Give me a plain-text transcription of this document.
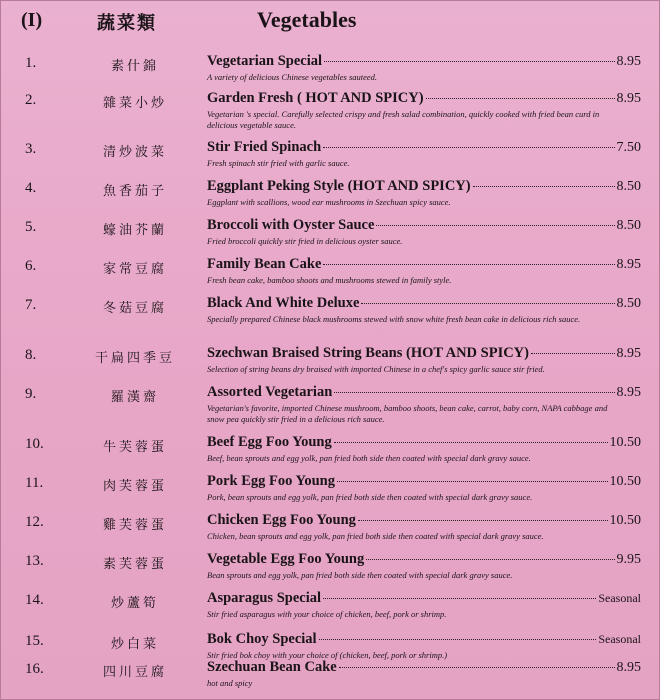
(I)	蔬菜類	Vegetables
1.	素什錦	Vegetarian Special	8.95
A variety of delicious Chinese vegetables sauteed.
2.	雜菜小炒	Garden Fresh ( HOT AND SPICY)	8.95
Vegetarian 's special. Carefully selected crispy and fresh salad combination, quickly cooked with fried bean curd in delicious vegetable sauce.
3.	清炒波菜	Stir Fried Spinach	7.50
Fresh spinach stir fried with garlic sauce.
4.	魚香茄子	Eggplant Peking Style (HOT AND SPICY)	8.50
Eggplant with scallions, wood ear mushrooms in Szechuan spicy sauce.
5.	蠔油芥蘭	Broccoli with Oyster Sauce	8.50
Fried broccoli quickly stir fried in delicious oyster sauce.
6.	家常豆腐	Family Bean Cake	8.95
Fresh bean cake, bamboo shoots and mushrooms stewed in family style.
7.	冬菇豆腐	Black And White Deluxe	8.50
Specially prepared Chinese black mushrooms stewed with snow white fresh bean cake in delicious rich sauce.
8.	干扁四季豆	Szechwan Braised String Beans (HOT AND SPICY)	8.95
Selection of string beans dry braised with imported Chinese in a chef's spicy garlic sauce stir fried.
9.	羅漢齋	Assorted Vegetarian	8.95
Vegetarian's favorite, imported Chinese mushroom, bamboo shoots, bean cake, carrot, baby corn, NAPA cabbage and snow pea quickly stir fried in a delicious rich sauce.
10.	牛芙蓉蛋	Beef Egg Foo Young	10.50
Beef, bean sprouts and egg yolk, pan fried both side then coated with special dark gravy sauce.
11.	肉芙蓉蛋	Pork Egg Foo Young	10.50
Pork, bean sprouts and egg yolk, pan fried both side then coated with special dark gravy sauce.
12.	雞芙蓉蛋	Chicken Egg Foo Young	10.50
Chicken, bean sprouts and egg yolk, pan fried both side then coated with special dark gravy sauce.
13.	素芙蓉蛋	Vegetable Egg Foo Young	9.95
Bean sprouts and egg yolk, pan fried both side then coated with special dark gravy sauce.
14.	炒蘆筍	Asparagus Special	Seasonal
Stir fried asparagus with your choice of chicken, beef, pork or shrimp.
15.	炒白菜	Bok Choy Special	Seasonal
Stir fried bok choy with your choice of (chicken, beef, pork or shrimp.)
16.	四川豆腐	Szechuan Bean Cake	8.95
hot and spicy
